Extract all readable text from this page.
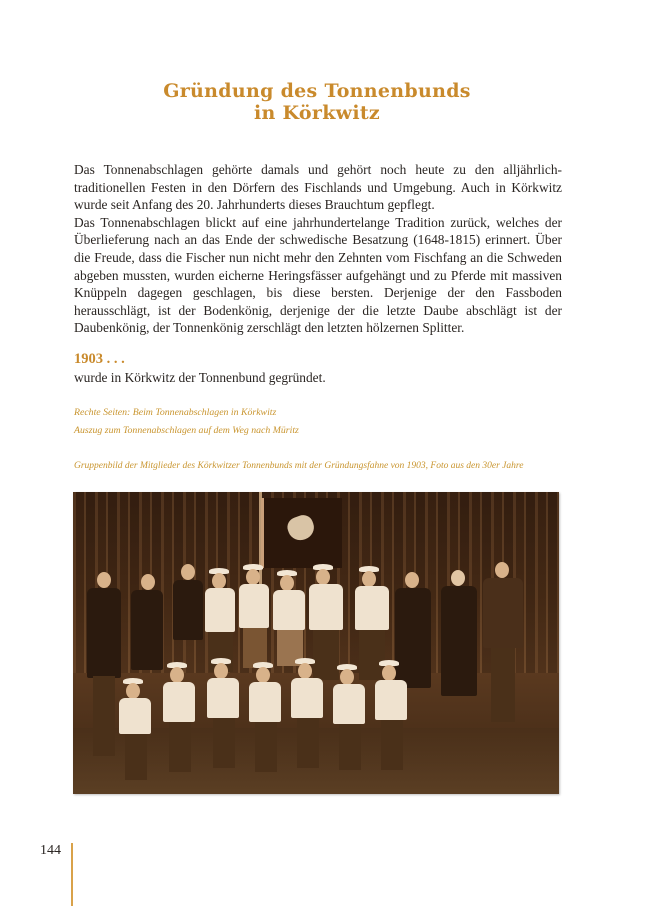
Gründung des Tonnenbunds
in Körkwitz

Das Tonnenabschlagen gehörte damals und gehört noch heute zu den alljährlich-traditionellen Festen in den Dörfern des Fischlands und Umgebung. Auch in Körkwitz wurde seit Anfang des 20. Jahrhunderts dieses Brauchtum gepflegt.

Das Tonnenabschlagen blickt auf eine jahrhundertelange Tradition zurück, welches der Überlieferung nach an das Ende der schwedische Besatzung (1648-1815) erinnert. Über die Freude, dass die Fischer nun nicht mehr den Zehnten vom Fischfang an die Schweden abgeben mussten, wurden eicherne Heringsfässer aufgehängt und zu Pferde mit massiven Knüppeln dagegen geschlagen, bis diese bersten. Derjenige der den Fassboden herausschlägt, ist der Bodenkönig, derjenige der die letzte Daube abschlägt ist der Daubenkönig, der Tonnenkönig zerschlägt den letzten hölzernen Splitter.

1903 . . .
wurde in Körkwitz der Tonnenbund gegründet.
Rechte Seiten: Beim Tonnenabschlagen in Körkwitz
Auszug zum Tonnenabschlagen auf dem Weg nach Müritz
Gruppenbild der Mitglieder des Körkwitzer Tonnenbunds mit der Gründungsfahne von 1903, Foto aus den 30er Jahre
144
